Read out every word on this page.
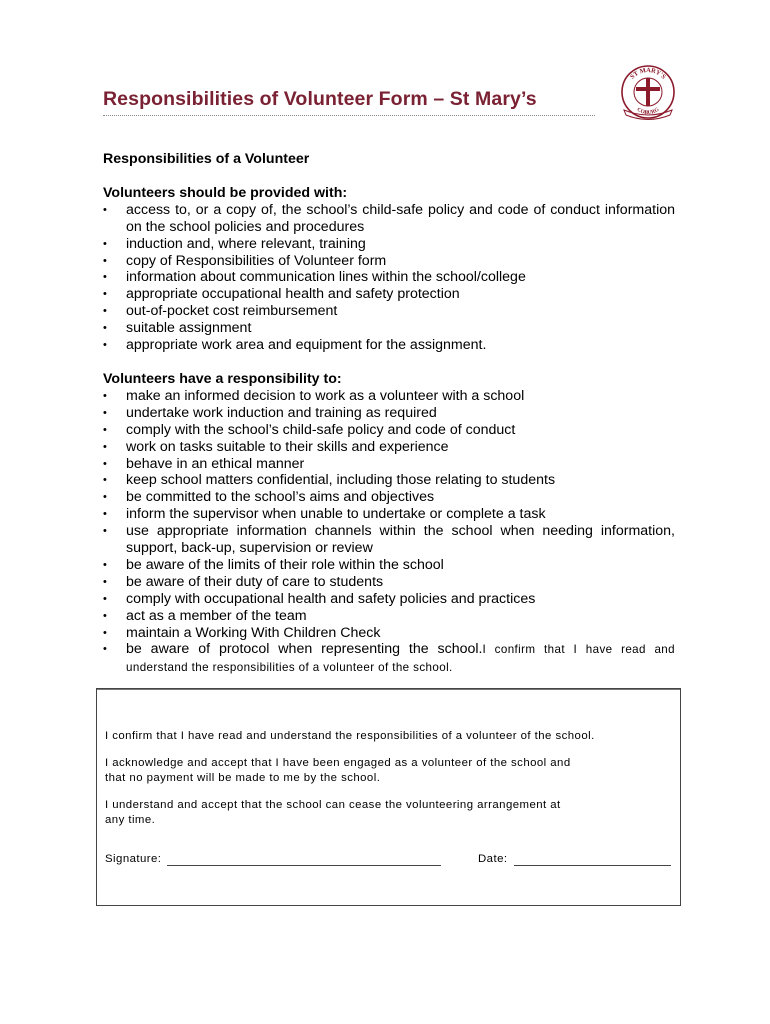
Responsibilities of Volunteer Form – St Mary’s
ST MARY'S
COBURG

Responsibilities of a Volunteer

Volunteers should be provided with:

• access to, or a copy of, the school’s child-safe policy and code of conduct information on the school policies and procedures
• induction and, where relevant, training
• copy of Responsibilities of Volunteer form
• information about communication lines within the school/college
• appropriate occupational health and safety protection
• out-of-pocket cost reimbursement
• suitable assignment
• appropriate work area and equipment for the assignment.

Volunteers have a responsibility to:

• make an informed decision to work as a volunteer with a school
• undertake work induction and training as required
• comply with the school’s child-safe policy and code of conduct
• work on tasks suitable to their skills and experience
• behave in an ethical manner
• keep school matters confidential, including those relating to students
• be committed to the school’s aims and objectives
• inform the supervisor when unable to undertake or complete a task
• use appropriate information channels within the school when needing information, support, back-up, supervision or review
• be aware of the limits of their role within the school
• be aware of their duty of care to students
• comply with occupational health and safety policies and practices
• act as a member of the team
• maintain a Working With Children Check
• be aware of protocol when representing the school.I confirm that I have read and understand the responsibilities of a volunteer of the school.

I confirm that I have read and understand the responsibilities of a volunteer of the school.

I acknowledge and accept that I have been engaged as a volunteer of the school and

that no payment will be made to me by the school.

I understand and accept that the school can cease the volunteering arrangement at

any time.

Signature:	Date:
